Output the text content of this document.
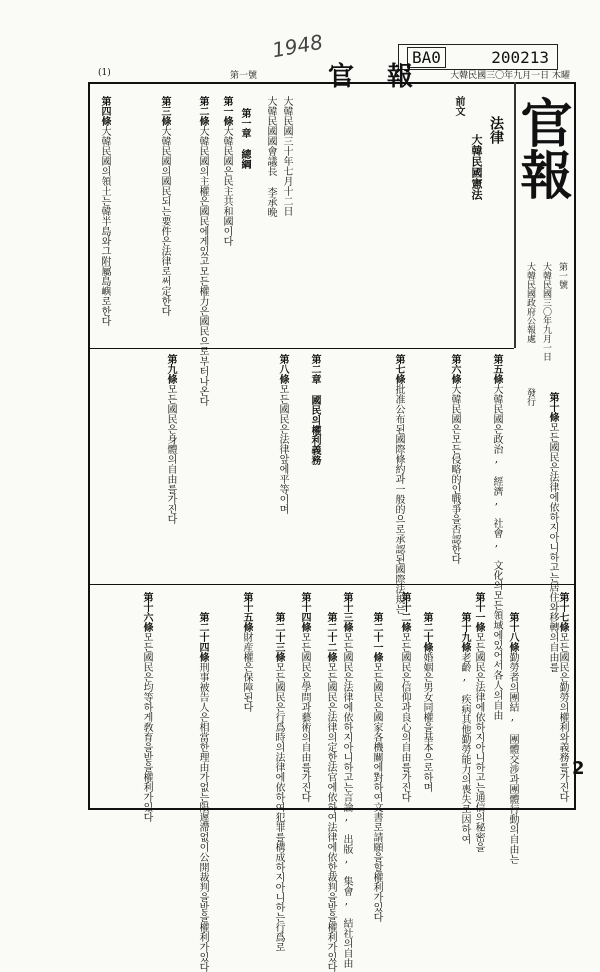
BA0	200213
1948
(1)	第一號	官 報	大韓民國三〇年九月一日 木曜
官報
第一號
大韓民國三〇年九月一日
大韓民國政府公報處
發行
法律
大韓民國憲法
前文
大韓民國三十年七月十二日
大韓民國國會議長 李承晩
第一章 總綱
第一條大韓民國은民主共和國이다
第二條大韓民國의主權은國民에게있고모든權力은國民으로부터나온다
第三條大韓民國의國民되는要件은法律로써定한다
第四條大韓民國의領土는韓半島와그附屬島嶼로한다
第五條大韓民國은政治, 經濟, 社會, 文化의모든領域에있어서各人의自由
第六條大韓民國은모든侵略的인戰爭을否認한다
第七條批准公布된國際條約과一般的으로承認된國際法規는
第二章 國民의權利義務
第八條모든國民은法律앞에平等이며
第九條모든國民은身體의自由를가진다	第十條모든國民은法律에依하지아니하고는居住와移轉의自由를
第十一條모든國民은法律에依하지아니하고는通信의秘密을
第十二條모든國民은信仰과良心의自由를가진다
第十三條모든國民은法律에依하지아니하고는言論, 出版, 集會, 結社의自由
第十四條모든國民은學問과藝術의自由를가진다
第十五條財産權은保障된다
第十六條모든國民은均等하게敎育을받을權利가있다
第十七條모든國民은勤勞의權利와義務를가진다
第十八條勤勞者의團結, 團體交涉과團體行動의自由는
第十九條老齡, 疾病其他勤勞能力의喪失로因하여
第二十條婚姻은男女同權을基本으로하며
第二十一條모든國民은國家各機關에對하여文書로請願을할權利가있다
第二十二條모든國民은法律의定한法官에依하여法律에依한裁判을받을權利가있다
第二十三條모든國民은行爲時의法律에依하여犯罪를構成하지아니하는行爲로
第二十四條刑事被告人은相當한理由가없는限遲滯없이公開裁判을받을權利가있다	2
